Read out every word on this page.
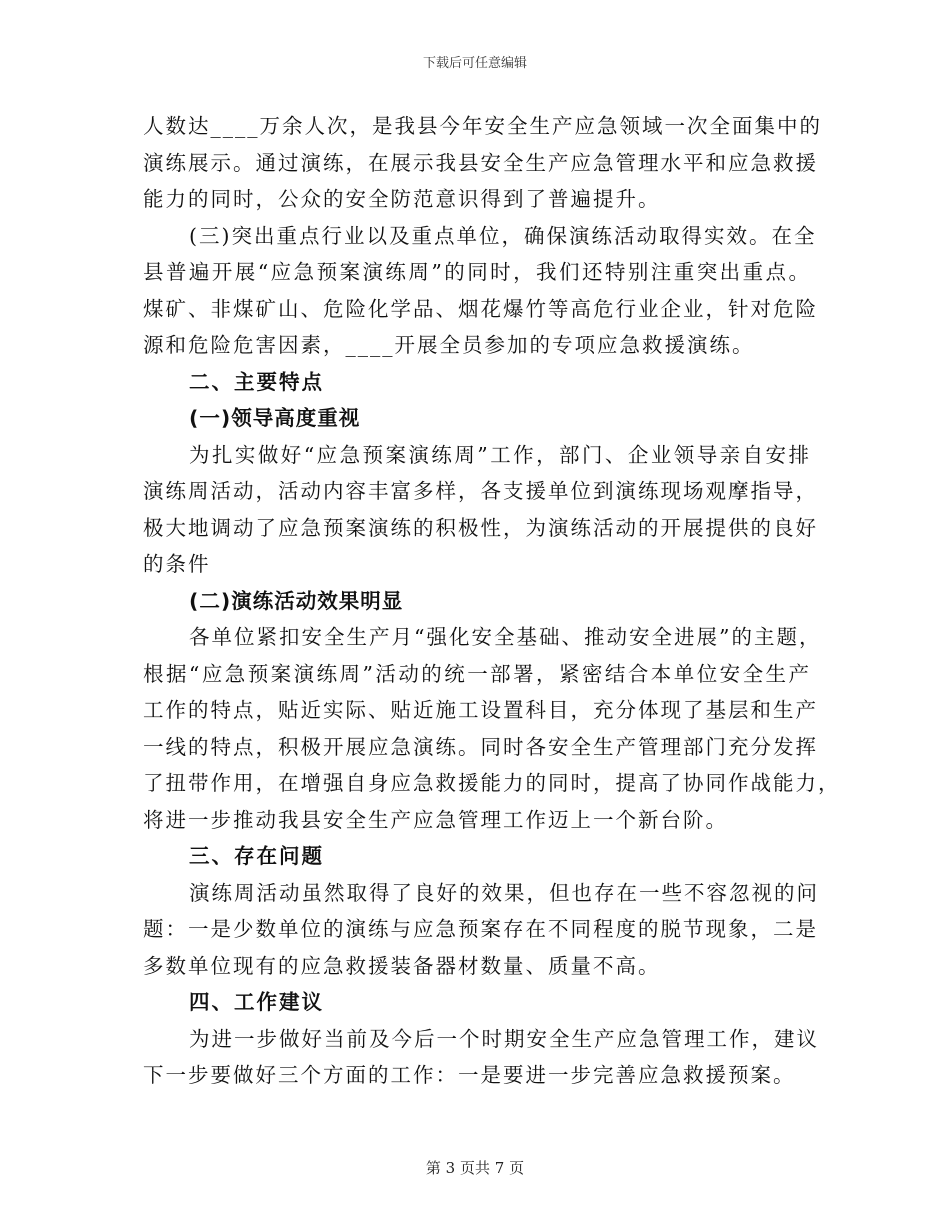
下载后可任意编辑
人数达____万余人次，是我县今年安全生产应急领域一次全面集中的
演练展示。通过演练，在展示我县安全生产应急管理水平和应急救援
能力的同时，公众的安全防范意识得到了普遍提升。
(三)突出重点行业以及重点单位，确保演练活动取得实效。在全
县普遍开展“应急预案演练周”的同时，我们还特别注重突出重点。
煤矿、非煤矿山、危险化学品、烟花爆竹等高危行业企业，针对危险
源和危险危害因素，____开展全员参加的专项应急救援演练。
二、主要特点
(一)领导高度重视
为扎实做好“应急预案演练周”工作，部门、企业领导亲自安排
演练周活动，活动内容丰富多样，各支援单位到演练现场观摩指导，
极大地调动了应急预案演练的积极性，为演练活动的开展提供的良好
的条件
(二)演练活动效果明显
各单位紧扣安全生产月“强化安全基础、推动安全进展”的主题，
根据“应急预案演练周”活动的统一部署，紧密结合本单位安全生产
工作的特点，贴近实际、贴近施工设置科目，充分体现了基层和生产
一线的特点，积极开展应急演练。同时各安全生产管理部门充分发挥
了扭带作用，在增强自身应急救援能力的同时，提高了协同作战能力，
将进一步推动我县安全生产应急管理工作迈上一个新台阶。
三、存在问题
演练周活动虽然取得了良好的效果，但也存在一些不容忽视的问
题：一是少数单位的演练与应急预案存在不同程度的脱节现象，二是
多数单位现有的应急救援装备器材数量、质量不高。
四、工作建议
为进一步做好当前及今后一个时期安全生产应急管理工作，建议
下一步要做好三个方面的工作：一是要进一步完善应急救援预案。
第 3 页共 7 页
